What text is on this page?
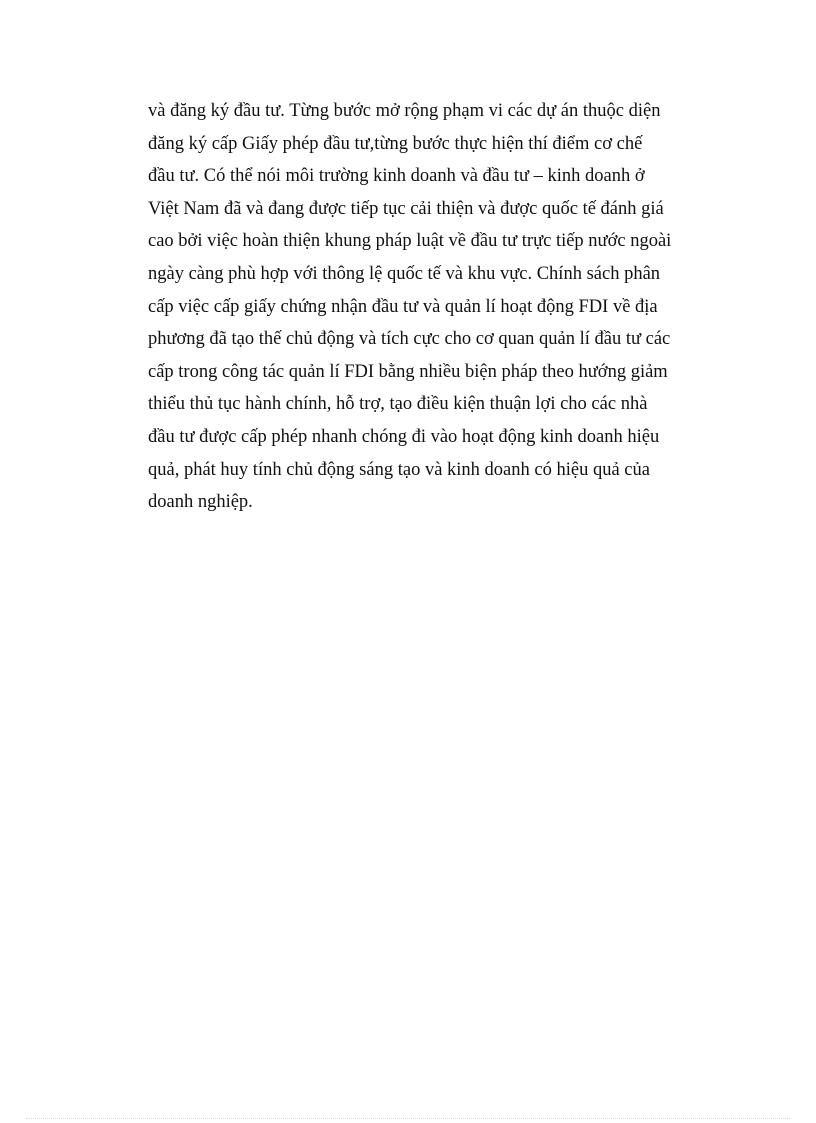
và đăng ký đầu tư. Từng bước mở rộng phạm vi các dự án thuộc diện
đăng ký cấp Giấy phép đầu tư,từng bước thực hiện thí điểm cơ chế
đầu tư. Có thể nói môi trường kinh doanh và đầu tư – kinh doanh ở
Việt Nam đã và đang được tiếp tục cải thiện và được quốc tế đánh giá
cao bởi việc hoàn thiện khung pháp luật về đầu tư trực tiếp nước ngoài
ngày càng phù hợp với thông lệ quốc tế và khu vực. Chính sách phân
cấp việc cấp giấy chứng nhận đầu tư và quản lí hoạt động FDI về địa
phương đã tạo thế chủ động và tích cực cho cơ quan quản lí đầu tư các
cấp trong công tác quản lí FDI bằng nhiều biện pháp theo hướng giảm
thiểu thủ tục hành chính, hỗ trợ, tạo điều kiện thuận lợi cho các nhà
đầu tư được cấp phép nhanh chóng đi vào hoạt động kinh doanh hiệu
quả, phát huy tính chủ động sáng tạo và kinh doanh có hiệu quả của
doanh nghiệp.
